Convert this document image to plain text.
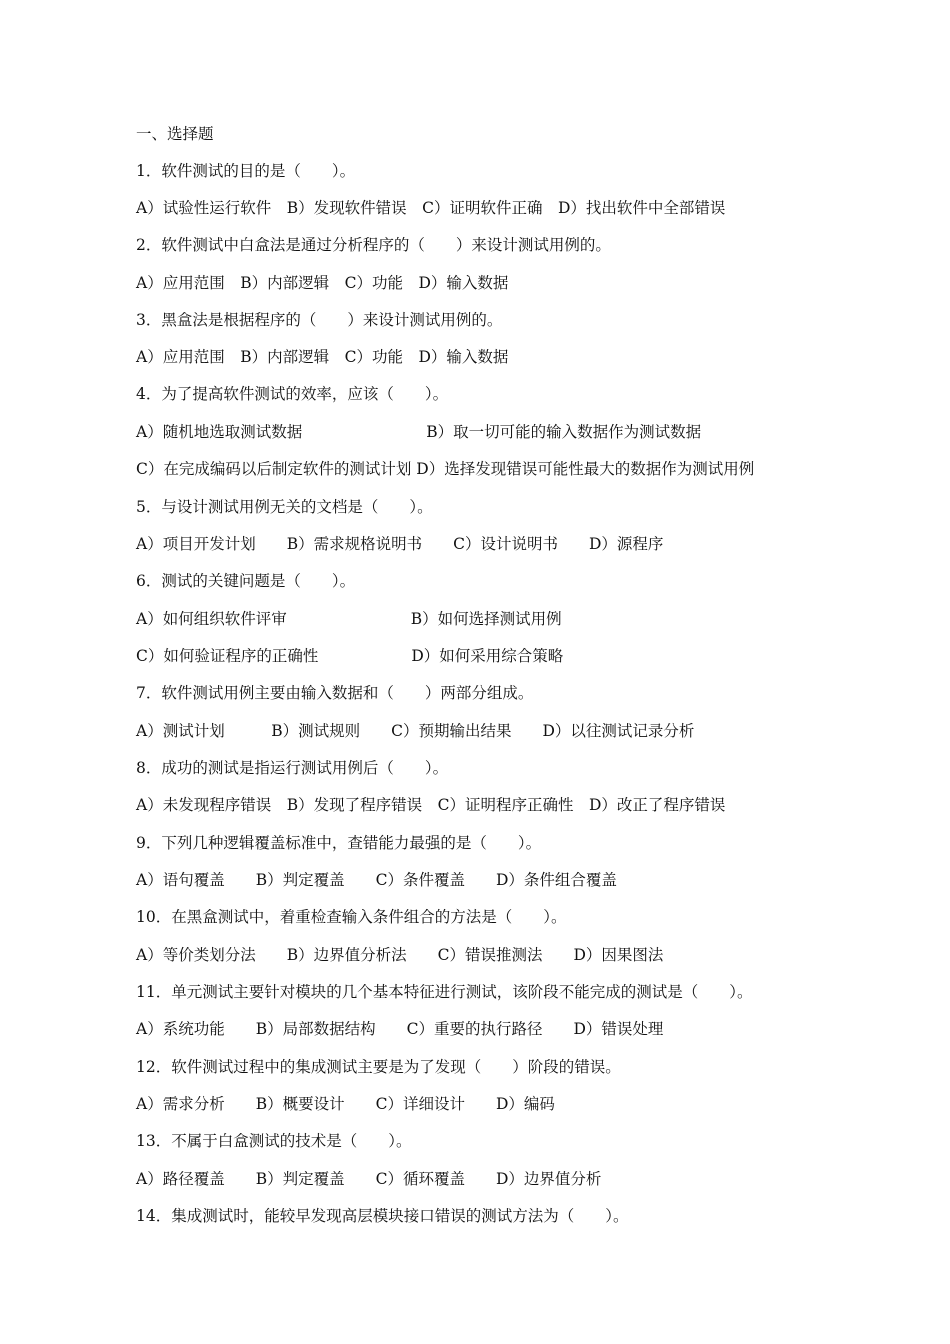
一、选择题
1．软件测试的目的是（　　）。
A）试验性运行软件　B）发现软件错误　C）证明软件正确　D）找出软件中全部错误
2．软件测试中白盒法是通过分析程序的（　　）来设计测试用例的。
A）应用范围　B）内部逻辑　C）功能　D）输入数据
3．黑盒法是根据程序的（　　）来设计测试用例的。
A）应用范围　B）内部逻辑　C）功能　D）输入数据
4．为了提高软件测试的效率，应该（　　）。
A）随机地选取测试数据　　　　　　　　B）取一切可能的输入数据作为测试数据
C）在完成编码以后制定软件的测试计划 D）选择发现错误可能性最大的数据作为测试用例
5．与设计测试用例无关的文档是（　　）。
A）项目开发计划　　B）需求规格说明书　　C）设计说明书　　D）源程序
6．测试的关键问题是（　　）。
A）如何组织软件评审　　　　　　　　B）如何选择测试用例
C）如何验证程序的正确性　　　　　　D）如何采用综合策略
7．软件测试用例主要由输入数据和（　　）两部分组成。
A）测试计划　　　B）测试规则　　C）预期输出结果　　D）以往测试记录分析
8．成功的测试是指运行测试用例后（　　）。
A）未发现程序错误　B）发现了程序错误　C）证明程序正确性　D）改正了程序错误
9．下列几种逻辑覆盖标准中，查错能力最强的是（　　）。
A）语句覆盖　　B）判定覆盖　　C）条件覆盖　　D）条件组合覆盖
10．在黑盒测试中，着重检查输入条件组合的方法是（　　）。
A）等价类划分法　　B）边界值分析法　　C）错误推测法　　D）因果图法
11．单元测试主要针对模块的几个基本特征进行测试，该阶段不能完成的测试是（　　）。
A）系统功能　　B）局部数据结构　　C）重要的执行路径　　D）错误处理
12．软件测试过程中的集成测试主要是为了发现（　　）阶段的错误。
A）需求分析　　B）概要设计　　C）详细设计　　D）编码
13．不属于白盒测试的技术是（　　）。
A）路径覆盖　　B）判定覆盖　　C）循环覆盖　　D）边界值分析
14．集成测试时，能较早发现高层模块接口错误的测试方法为（　　）。
